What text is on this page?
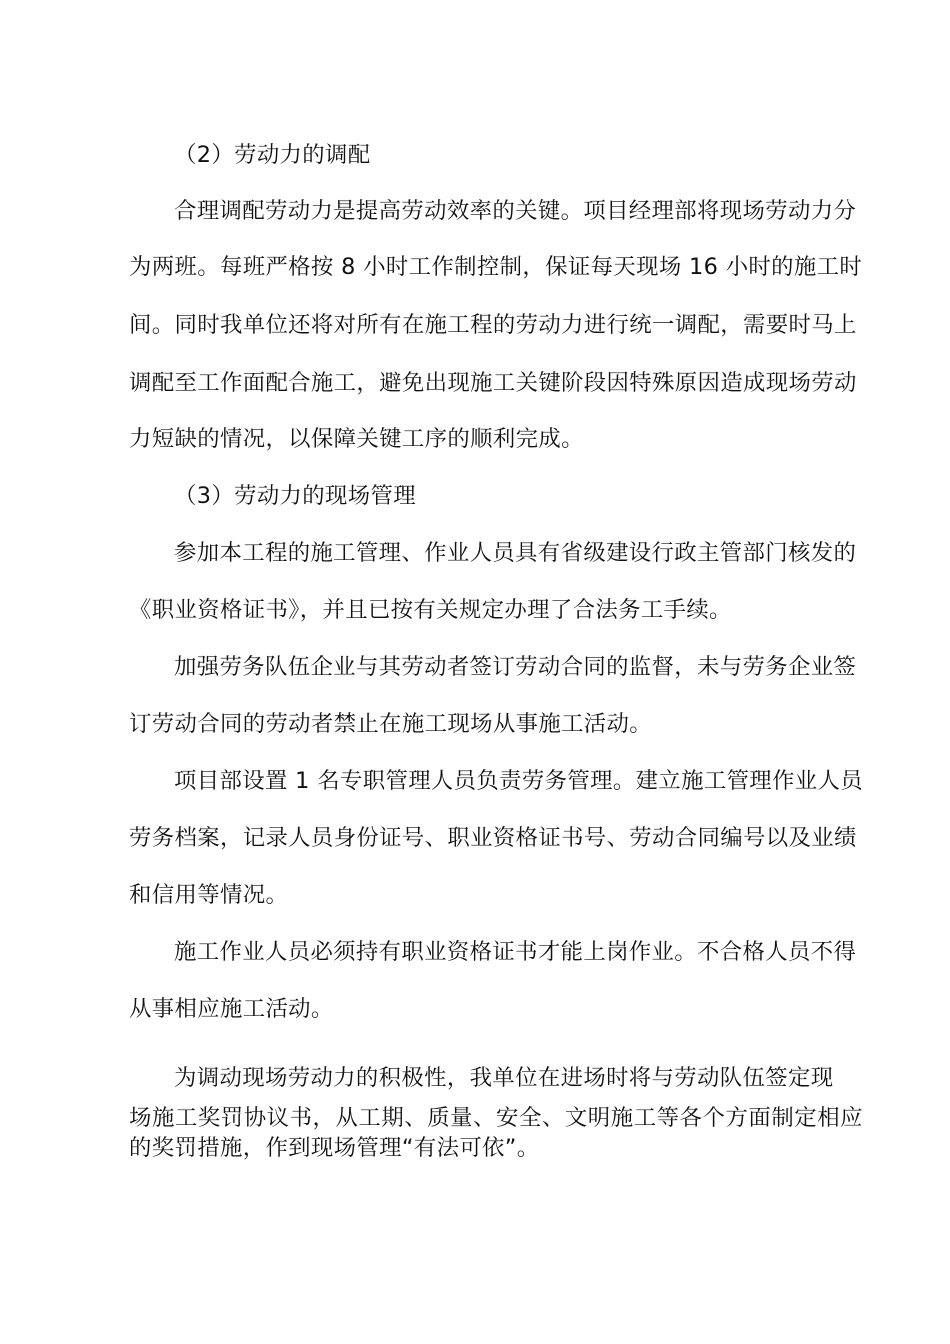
（2）劳动力的调配
合理调配劳动力是提高劳动效率的关键。项目经理部将现场劳动力分
为两班。每班严格按 8 小时工作制控制，保证每天现场 16 小时的施工时
间。同时我单位还将对所有在施工程的劳动力进行统一调配，需要时马上
调配至工作面配合施工，避免出现施工关键阶段因特殊原因造成现场劳动
力短缺的情况，以保障关键工序的顺利完成。
（3）劳动力的现场管理
参加本工程的施工管理、作业人员具有省级建设行政主管部门核发的
《职业资格证书》，并且已按有关规定办理了合法务工手续。
加强劳务队伍企业与其劳动者签订劳动合同的监督，未与劳务企业签
订劳动合同的劳动者禁止在施工现场从事施工活动。
项目部设置 1 名专职管理人员负责劳务管理。建立施工管理作业人员
劳务档案，记录人员身份证号、职业资格证书号、劳动合同编号以及业绩
和信用等情况。
施工作业人员必须持有职业资格证书才能上岗作业。不合格人员不得
从事相应施工活动。
为调动现场劳动力的积极性，我单位在进场时将与劳动队伍签定现
场施工奖罚协议书，从工期、质量、安全、文明施工等各个方面制定相应
的奖罚措施，作到现场管理“有法可依”。
